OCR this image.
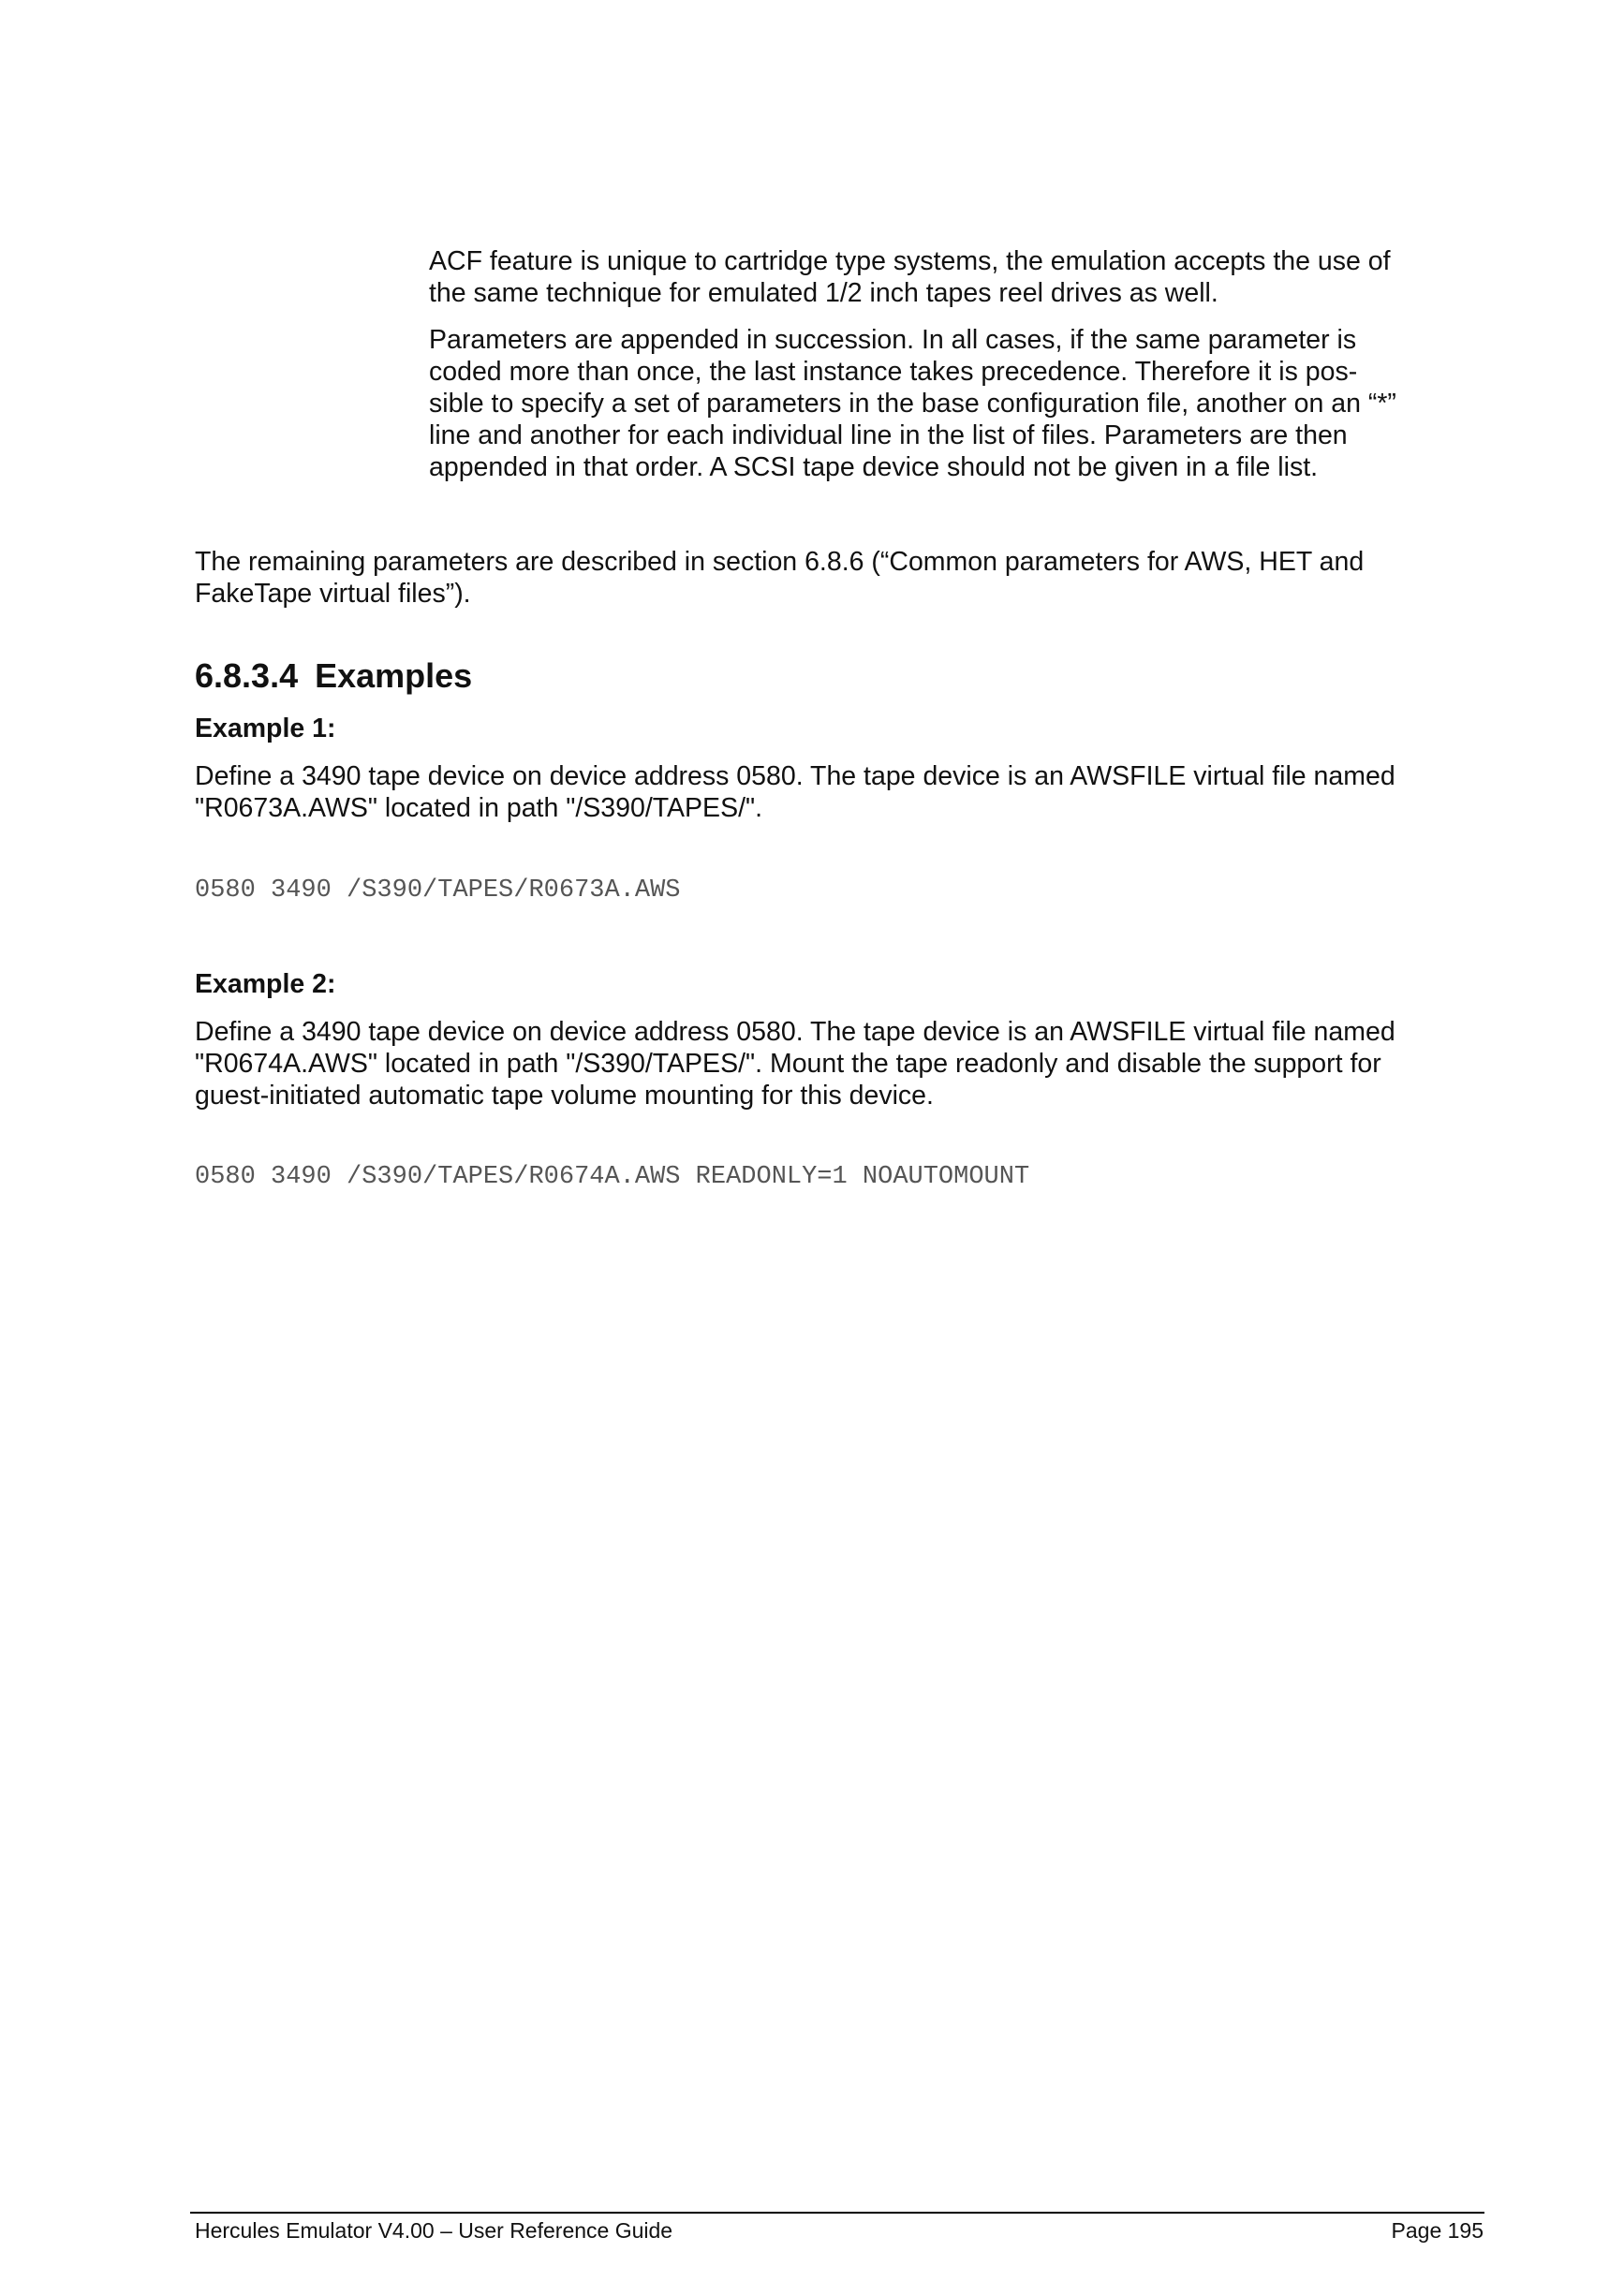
ACF feature is unique to cartridge type systems, the emulation accepts the use of
the same technique for emulated 1/2 inch tapes reel drives as well.
Parameters are appended in succession. In all cases, if the same parameter is
coded more than once, the last instance takes precedence. Therefore it is pos-
sible to specify a set of parameters in the base configuration file, another on an “*”
line and another for each individual line in the list of files. Parameters are then
appended in that order. A SCSI tape device should not be given in a file list.
The remaining parameters are described in section 6.8.6 (“Common parameters for AWS, HET and
FakeTape virtual files”).
6.8.3.4 Examples
Example 1:
Define a 3490 tape device on device address 0580. The tape device is an AWSFILE virtual file named
"R0673A.AWS" located in path "/S390/TAPES/".
0580 3490 /S390/TAPES/R0673A.AWS
Example 2:
Define a 3490 tape device on device address 0580. The tape device is an AWSFILE virtual file named
"R0674A.AWS" located in path "/S390/TAPES/". Mount the tape readonly and disable the support for
guest-initiated automatic tape volume mounting for this device.
0580 3490 /S390/TAPES/R0674A.AWS READONLY=1 NOAUTOMOUNT
Hercules Emulator V4.00 – User Reference Guide	Page 195
